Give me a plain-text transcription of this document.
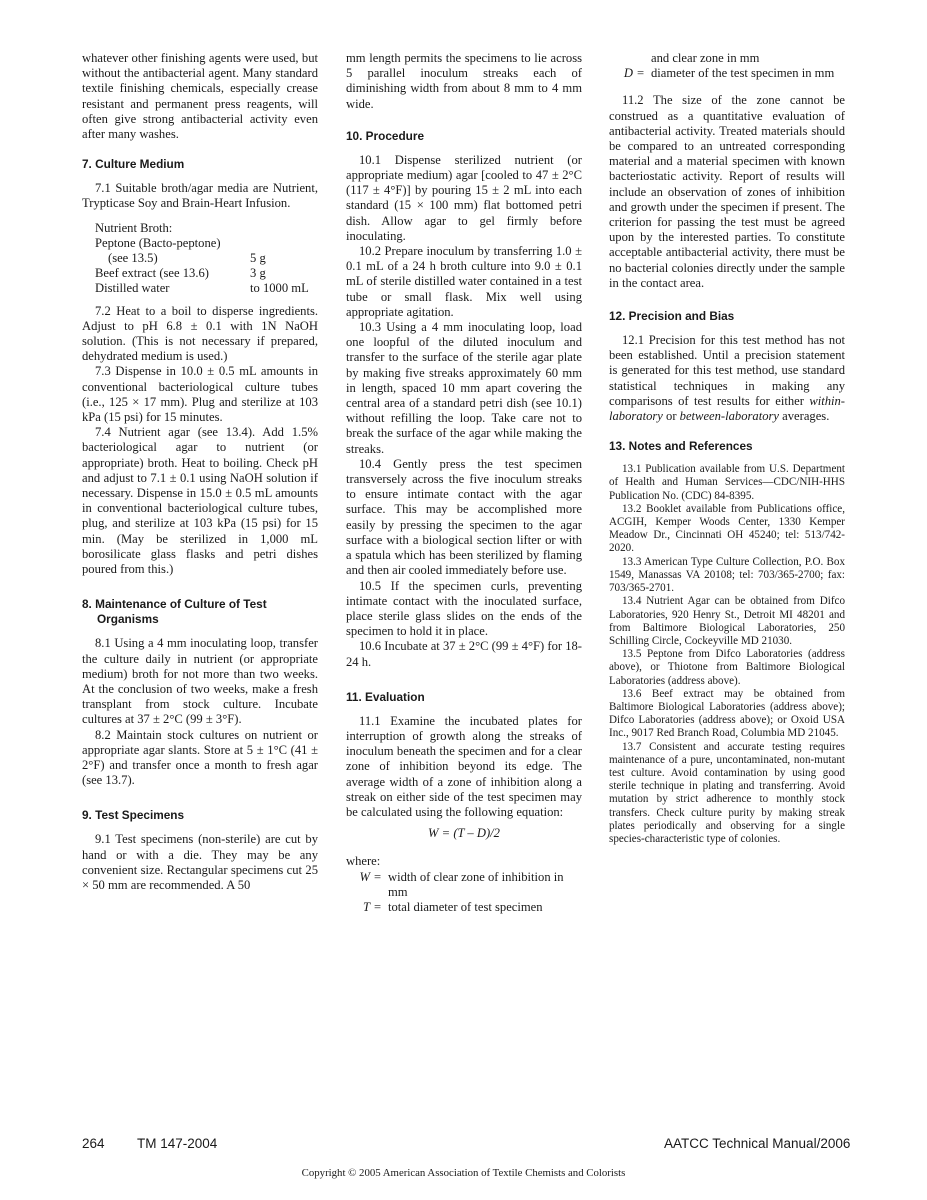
whatever other finishing agents were used, but without the antibacterial agent. Many standard textile finishing chemicals, especially crease resistant and permanent press reagents, will often give strong antibacterial activity even after many washes.

7. Culture Medium

7.1 Suitable broth/agar media are Nutrient, Trypticase Soy and Brain-Heart Infusion.

Nutrient Broth:

Peptone (Bacto-peptone)	
(see 13.5)	5 g
Beef extract (see 13.6)	3 g
Distilled water	to 1000 mL

7.2 Heat to a boil to disperse ingredients. Adjust to pH 6.8 ± 0.1 with 1N NaOH solution. (This is not necessary if prepared, dehydrated medium is used.)

7.3 Dispense in 10.0 ± 0.5 mL amounts in conventional bacteriological culture tubes (i.e., 125 × 17 mm). Plug and sterilize at 103 kPa (15 psi) for 15 minutes.

7.4 Nutrient agar (see 13.4). Add 1.5% bacteriological agar to nutrient (or appropriate) broth. Heat to boiling. Check pH and adjust to 7.1 ± 0.1 using NaOH solution if necessary. Dispense in 15.0 ± 0.5 mL amounts in conventional bacteriological culture tubes, plug, and sterilize at 103 kPa (15 psi) for 15 min. (May be sterilized in 1,000 mL borosilicate glass flasks and petri dishes poured from this.)

8. Maintenance of Culture of Test

Organisms

8.1 Using a 4 mm inoculating loop, transfer the culture daily in nutrient (or appropriate medium) broth for not more than two weeks. At the conclusion of two weeks, make a fresh transplant from stock culture. Incubate cultures at 37 ± 2°C (99 ± 3°F).

8.2 Maintain stock cultures on nutrient or appropriate agar slants. Store at 5 ± 1°C (41 ± 2°F) and transfer once a month to fresh agar (see 13.7).

9. Test Specimens

9.1 Test specimens (non-sterile) are cut by hand or with a die. They may be any convenient size. Rectangular specimens cut 25 × 50 mm are recommended. A 50

mm length permits the specimens to lie across 5 parallel inoculum streaks each of diminishing width from about 8 mm to 4 mm wide.

10. Procedure

10.1 Dispense sterilized nutrient (or appropriate medium) agar [cooled to 47 ± 2°C (117 ± 4°F)] by pouring 15 ± 2 mL into each standard (15 × 100 mm) flat bottomed petri dish. Allow agar to gel firmly before inoculating.

10.2 Prepare inoculum by transferring 1.0 ± 0.1 mL of a 24 h broth culture into 9.0 ± 0.1 mL of sterile distilled water contained in a test tube or small flask. Mix well using appropriate agitation.

10.3 Using a 4 mm inoculating loop, load one loopful of the diluted inoculum and transfer to the surface of the sterile agar plate by making five streaks approximately 60 mm in length, spaced 10 mm apart covering the central area of a standard petri dish (see 10.1) without refilling the loop. Take care not to break the surface of the agar while making the streaks.

10.4 Gently press the test specimen transversely across the five inoculum streaks to ensure intimate contact with the agar surface. This may be accomplished more easily by pressing the specimen to the agar surface with a biological section lifter or with a spatula which has been sterilized by flaming and then air cooled immediately before use.

10.5 If the specimen curls, preventing intimate contact with the inoculated surface, place sterile glass slides on the ends of the specimen to hold it in place.

10.6 Incubate at 37 ± 2°C (99 ± 4°F) for 18-24 h.

11. Evaluation

11.1 Examine the incubated plates for interruption of growth along the streaks of inoculum beneath the specimen and for a clear zone of inhibition beyond its edge. The average width of a zone of inhibition along a streak on either side of the test specimen may be calculated using the following equation:

W = (T – D)/2

where:

W = width of clear zone of inhibition in mm
T = total diameter of test specimen
and clear zone in mm
D = diameter of the test specimen in mm

11.2 The size of the zone cannot be construed as a quantitative evaluation of antibacterial activity. Treated materials should be compared to an untreated corresponding material and a material specimen with known bacteriostatic activity. Report of results will include an observation of zones of inhibition and growth under the specimen if present. The criterion for passing the test must be agreed upon by the interested parties. To constitute acceptable antibacterial activity, there must be no bacterial colonies directly under the sample in the contact area.

12. Precision and Bias

12.1 Precision for this test method has not been established. Until a precision statement is generated for this test method, use standard statistical techniques in making any comparisons of test results for either within-laboratory or between-laboratory averages.

13. Notes and References

13.1 Publication available from U.S. Department of Health and Human Services—CDC/NIH-HHS Publication No. (CDC) 84-8395.

13.2 Booklet available from Publications office, ACGIH, Kemper Woods Center, 1330 Kemper Meadow Dr., Cincinnati OH 45240; tel: 513/742-2020.

13.3 American Type Culture Collection, P.O. Box 1549, Manassas VA 20108; tel: 703/365-2700; fax: 703/365-2701.

13.4 Nutrient Agar can be obtained from Difco Laboratories, 920 Henry St., Detroit MI 48201 and from Baltimore Biological Laboratories, 250 Schilling Circle, Cockeyville MD 21030.

13.5 Peptone from Difco Laboratories (address above), or Thiotone from Baltimore Biological Laboratories (address above).

13.6 Beef extract may be obtained from Baltimore Biological Laboratories (address above); Difco Laboratories (address above); or Oxoid USA Inc., 9017 Red Branch Road, Columbia MD 21045.

13.7 Consistent and accurate testing requires maintenance of a pure, uncontaminated, non-mutant test culture. Avoid contamination by using good sterile technique in plating and transferring. Avoid mutation by strict adherence to monthly stock transfers. Check culture purity by making streak plates periodically and observing for a single species-characteristic type of colonies.

264 TM 147-2004	AATCC Technical Manual/2006
Copyright © 2005 American Association of Textile Chemists and Colorists
